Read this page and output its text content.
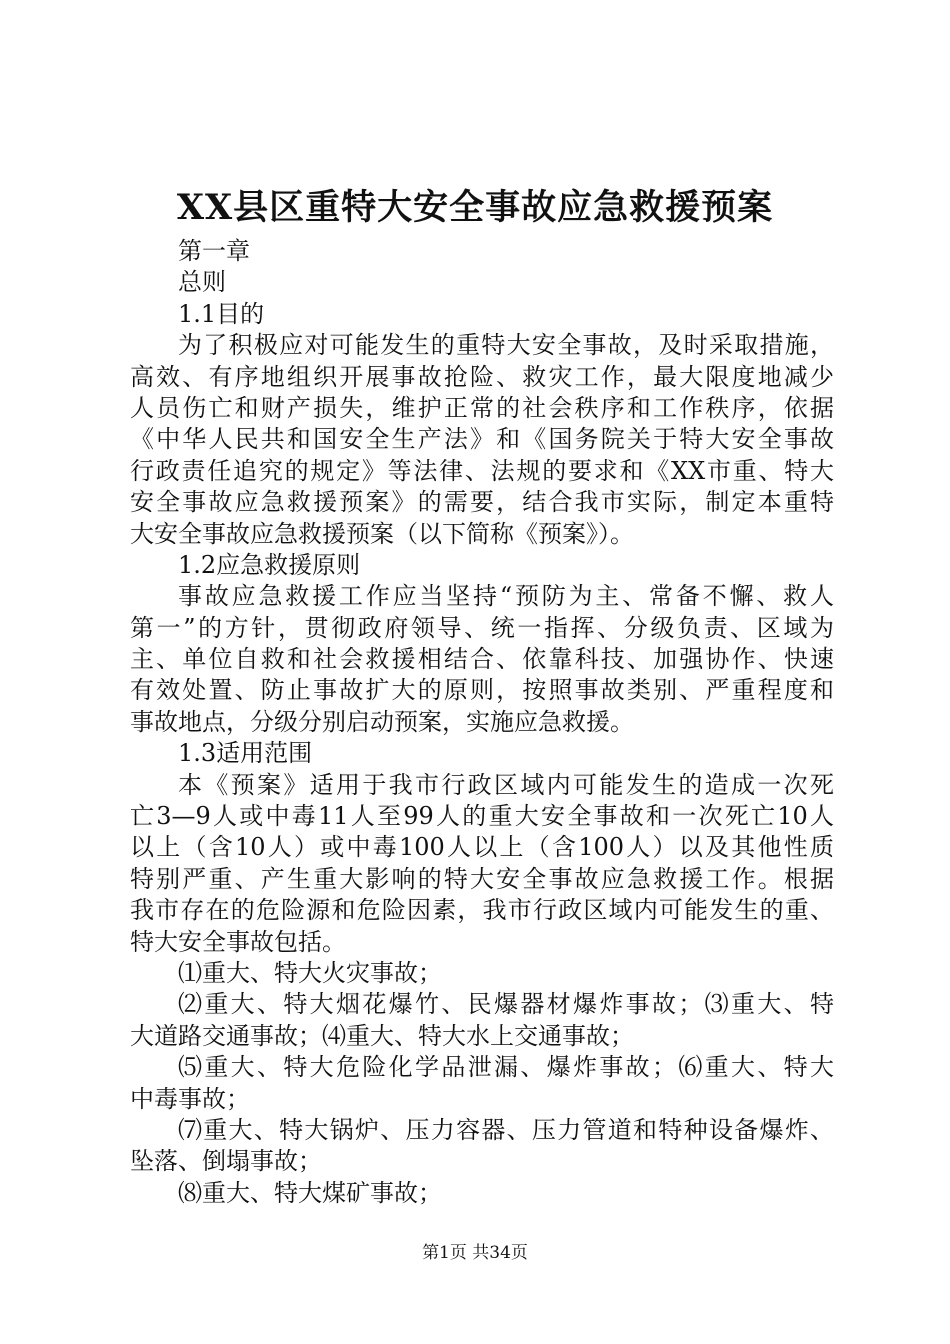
XX县区重特大安全事故应急救援预案
第一章
总则
1.1目的
为了积极应对可能发生的重特大安全事故，及时采取措施，
高效、有序地组织开展事故抢险、救灾工作，最大限度地减少
人员伤亡和财产损失，维护正常的社会秩序和工作秩序，依据
《中华人民共和国安全生产法》和《国务院关于特大安全事故
行政责任追究的规定》等法律、法规的要求和《XX市重、特大
安全事故应急救援预案》的需要，结合我市实际，制定本重特
大安全事故应急救援预案（以下简称《预案》）。
1.2应急救援原则
事故应急救援工作应当坚持“预防为主、常备不懈、救人
第一”的方针，贯彻政府领导、统一指挥、分级负责、区域为
主、单位自救和社会救援相结合、依靠科技、加强协作、快速
有效处置、防止事故扩大的原则，按照事故类别、严重程度和
事故地点，分级分别启动预案，实施应急救援。
1.3适用范围
本《预案》适用于我市行政区域内可能发生的造成一次死
亡3—9人或中毒11人至99人的重大安全事故和一次死亡10人
以上（含10人）或中毒100人以上（含100人）以及其他性质
特别严重、产生重大影响的特大安全事故应急救援工作。根据
我市存在的危险源和危险因素，我市行政区域内可能发生的重、
特大安全事故包括。
⑴重大、特大火灾事故；
⑵重大、特大烟花爆竹、民爆器材爆炸事故；⑶重大、特
大道路交通事故；⑷重大、特大水上交通事故；
⑸重大、特大危险化学品泄漏、爆炸事故；⑹重大、特大
中毒事故；
⑺重大、特大锅炉、压力容器、压力管道和特种设备爆炸、
坠落、倒塌事故；
⑻重大、特大煤矿事故；
第1页 共34页
